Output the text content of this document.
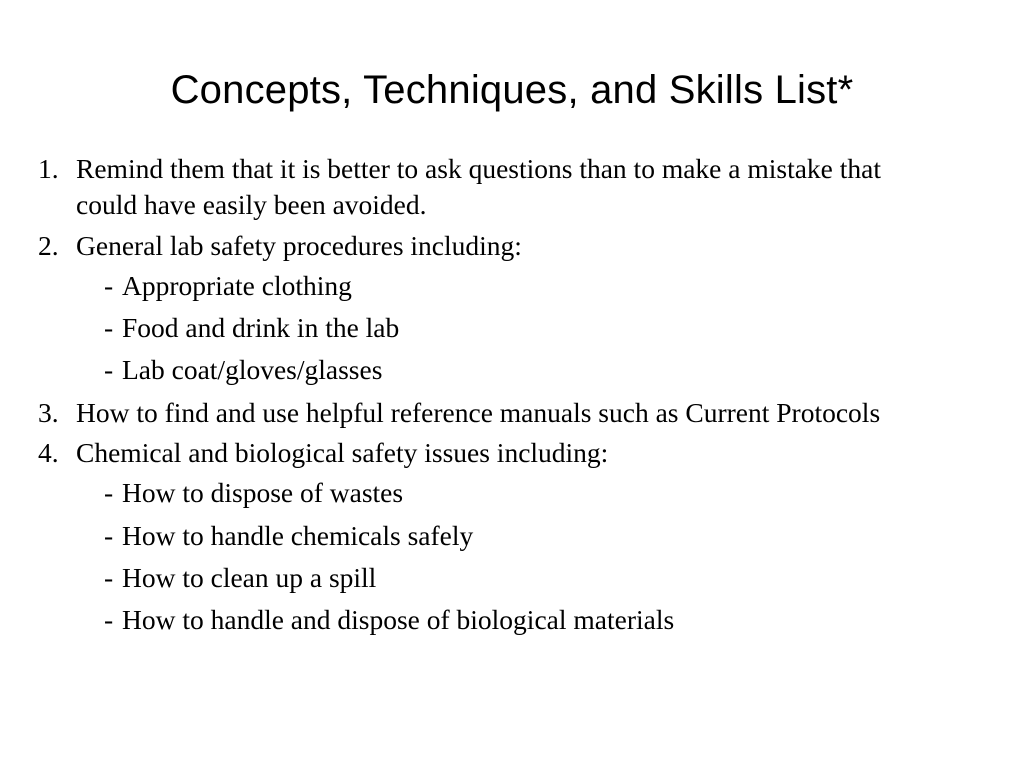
Concepts, Techniques, and Skills List*
1. Remind them that it is better to ask questions than to make a mistake that could have easily been avoided.
2. General lab safety procedures including:
- Appropriate clothing
- Food and drink in the lab
- Lab coat/gloves/glasses
3. How to find and use helpful reference manuals such as Current Protocols
4. Chemical and biological safety issues including:
- How to dispose of wastes
- How to handle chemicals safely
- How to clean up a spill
- How to handle and dispose of biological materials
